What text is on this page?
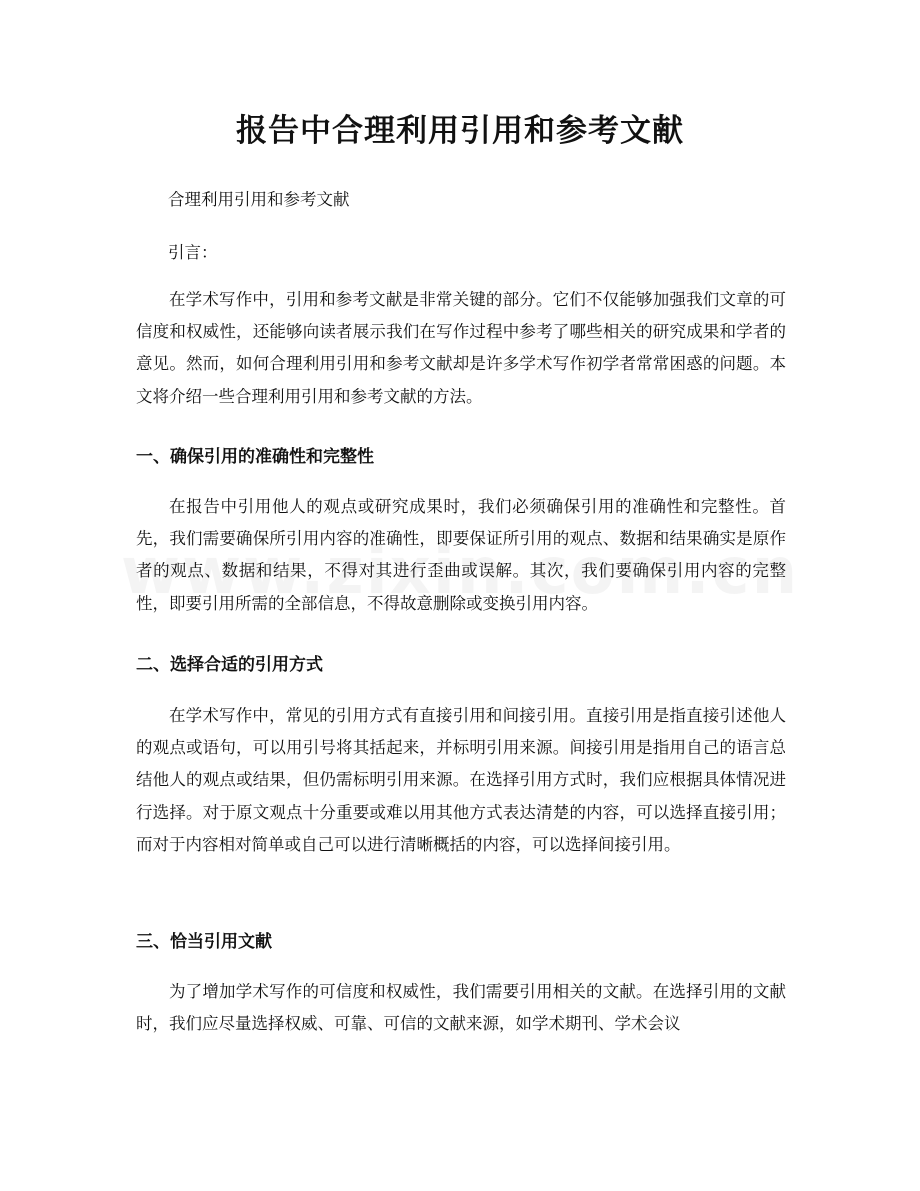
报告中合理利用引用和参考文献

合理利用引用和参考文献

引言：

在学术写作中，引用和参考文献是非常关键的部分。它们不仅能够加强我们文章的可信度和权威性，还能够向读者展示我们在写作过程中参考了哪些相关的研究成果和学者的意见。然而，如何合理利用引用和参考文献却是许多学术写作初学者常常困惑的问题。本文将介绍一些合理利用引用和参考文献的方法。

一、确保引用的准确性和完整性

在报告中引用他人的观点或研究成果时，我们必须确保引用的准确性和完整性。首先，我们需要确保所引用内容的准确性，即要保证所引用的观点、数据和结果确实是原作者的观点、数据和结果，不得对其进行歪曲或误解。其次，我们要确保引用内容的完整性，即要引用所需的全部信息，不得故意删除或变换引用内容。

二、选择合适的引用方式

在学术写作中，常见的引用方式有直接引用和间接引用。直接引用是指直接引述他人的观点或语句，可以用引号将其括起来，并标明引用来源。间接引用是指用自己的语言总结他人的观点或结果，但仍需标明引用来源。在选择引用方式时，我们应根据具体情况进行选择。对于原文观点十分重要或难以用其他方式表达清楚的内容，可以选择直接引用；而对于内容相对简单或自己可以进行清晰概括的内容，可以选择间接引用。

三、恰当引用文献

为了增加学术写作的可信度和权威性，我们需要引用相关的文献。在选择引用的文献时，我们应尽量选择权威、可靠、可信的文献来源，如学术期刊、学术会议
